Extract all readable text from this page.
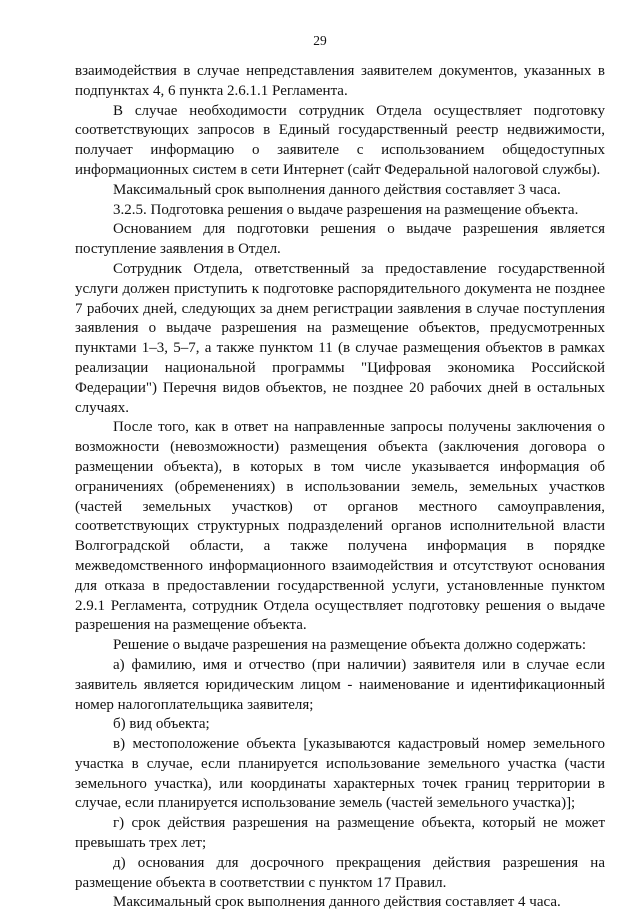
29

взаимодействия в случае непредставления заявителем документов, указанных в подпунктах 4, 6 пункта 2.6.1.1 Регламента.

В случае необходимости сотрудник Отдела осуществляет подготовку соответствующих запросов в Единый государственный реестр недвижимости, получает информацию о заявителе с использованием общедоступных информационных систем в сети Интернет (сайт Федеральной налоговой службы).

Максимальный срок выполнения данного действия составляет 3 часа.

3.2.5. Подготовка решения о выдаче разрешения на размещение объекта.

Основанием для подготовки решения о выдаче разрешения является поступление заявления в Отдел.

Сотрудник Отдела, ответственный за предоставление государственной услуги должен приступить к подготовке распорядительного документа не позднее 7 рабочих дней, следующих за днем регистрации заявления в случае поступления заявления о выдаче разрешения на размещение объектов, предусмотренных пунктами 1–3, 5–7, а также пунктом 11 (в случае размещения объектов в рамках реализации национальной программы "Цифровая экономика Российской Федерации") Перечня видов объектов, не позднее 20 рабочих дней в остальных случаях.

После того, как в ответ на направленные запросы получены заключения о возможности (невозможности) размещения объекта (заключения договора о размещении объекта), в которых в том числе указывается информация об ограничениях (обременениях) в использовании земель, земельных участков (частей земельных участков) от органов местного самоуправления, соответствующих структурных подразделений органов исполнительной власти Волгоградской области, а также получена информация в порядке межведомственного информационного взаимодействия и отсутствуют основания для отказа в предоставлении государственной услуги, установленные пунктом 2.9.1 Регламента, сотрудник Отдела осуществляет подготовку решения о выдаче разрешения на размещение объекта.

Решение о выдаче разрешения на размещение объекта должно содержать:

а) фамилию, имя и отчество (при наличии) заявителя или в случае если заявитель является юридическим лицом - наименование и идентификационный номер налогоплательщика заявителя;

б) вид объекта;

в) местоположение объекта [указываются кадастровый номер земельного участка в случае, если планируется использование земельного участка (части земельного участка), или координаты характерных точек границ территории в случае, если планируется использование земель (частей земельного участка)];

г) срок действия разрешения на размещение объекта, который не может превышать трех лет;

д) основания для досрочного прекращения действия разрешения на размещение объекта в соответствии с пунктом 17 Правил.

Максимальный срок выполнения данного действия составляет 4 часа.
